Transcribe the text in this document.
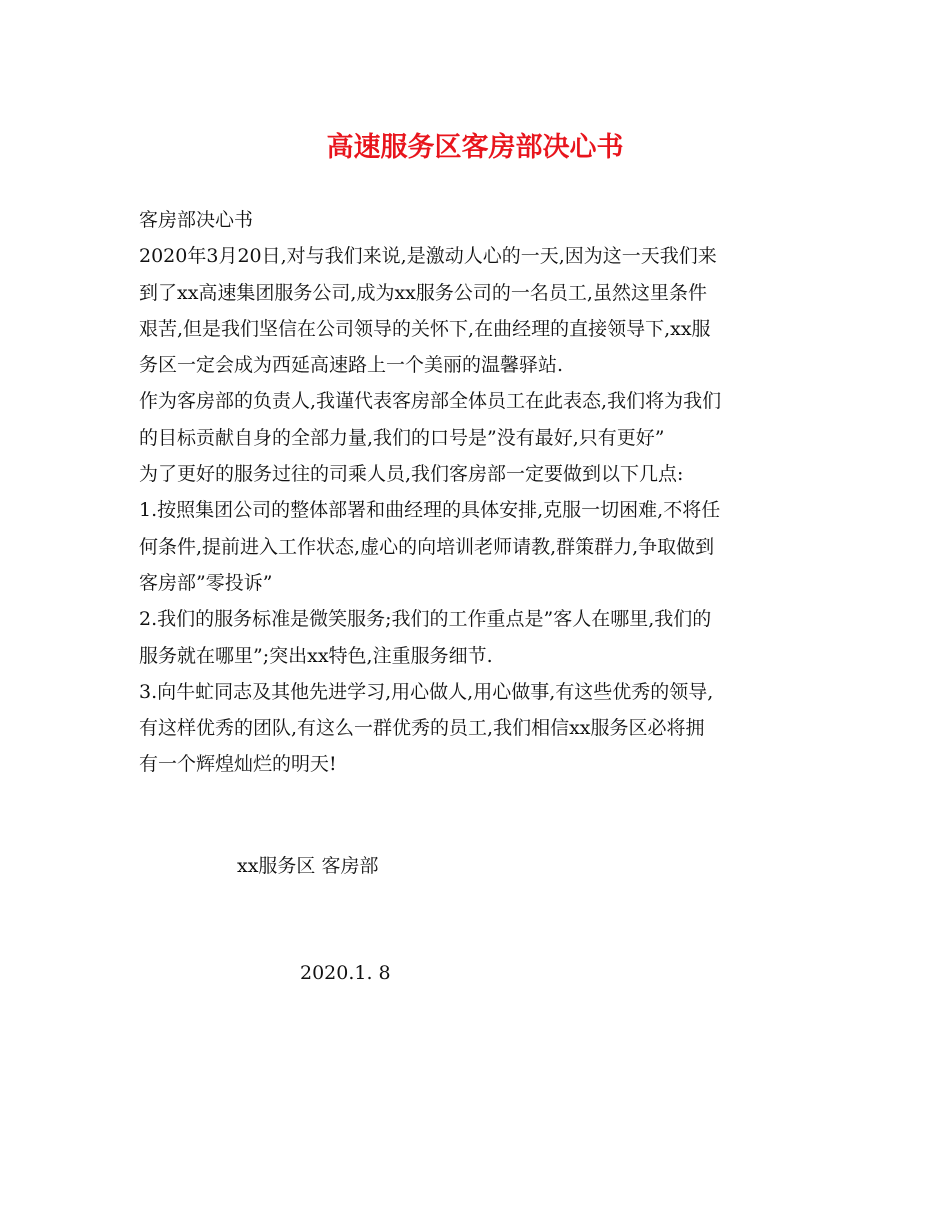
高速服务区客房部决心书
客房部决心书
2020年3月20日,对与我们来说,是激动人心的一天,因为这一天我们来
到了xx高速集团服务公司,成为xx服务公司的一名员工,虽然这里条件
艰苦,但是我们坚信在公司领导的关怀下,在曲经理的直接领导下,xx服
务区一定会成为西延高速路上一个美丽的温馨驿站.
作为客房部的负责人,我谨代表客房部全体员工在此表态,我们将为我们
的目标贡献自身的全部力量,我们的口号是”没有最好,只有更好”
为了更好的服务过往的司乘人员,我们客房部一定要做到以下几点:
1.按照集团公司的整体部署和曲经理的具体安排,克服一切困难,不将任
何条件,提前进入工作状态,虚心的向培训老师请教,群策群力,争取做到
客房部”零投诉”
2.我们的服务标准是微笑服务;我们的工作重点是”客人在哪里,我们的
服务就在哪里”;突出xx特色,注重服务细节.
3.向牛虻同志及其他先进学习,用心做人,用心做事,有这些优秀的领导,
有这样优秀的团队,有这么一群优秀的员工,我们相信xx服务区必将拥
有一个辉煌灿烂的明天!
xx服务区 客房部
2020.1. 8
